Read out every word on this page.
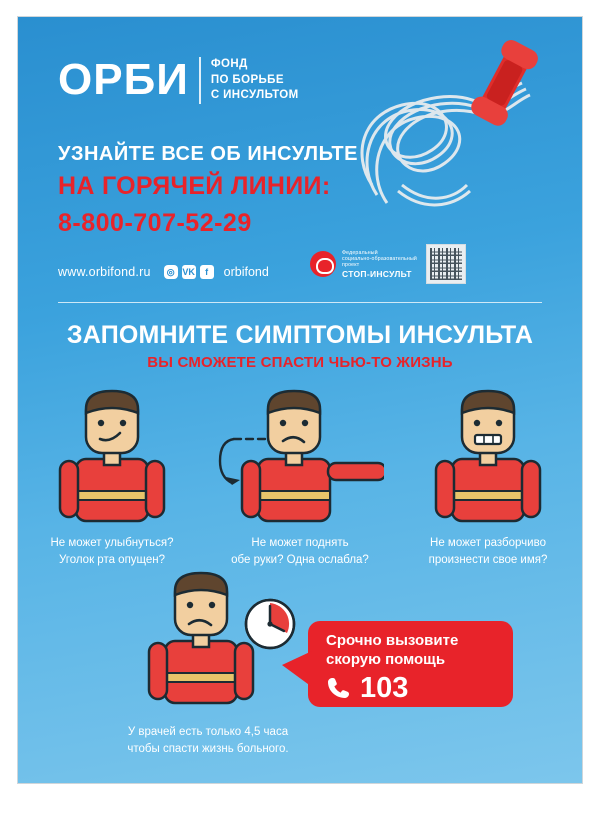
ОРБИ	ФОНД
ПО БОРЬБЕ
С ИНСУЛЬТОМ
УЗНАЙТЕ ВСЕ ОБ ИНСУЛЬТЕ
НА ГОРЯЧЕЙ ЛИНИИ:
8-800-707-52-29
www.orbifond.ru	◎ VK	f	orbifond
Федеральный
социально-образовательный
проект
СТОП-ИНСУЛЬТ
ЗАПОМНИТЕ СИМПТОМЫ ИНСУЛЬТА
ВЫ СМОЖЕТЕ СПАСТИ ЧЬЮ-ТО ЖИЗНЬ
Не может улыбнуться?
Уголок рта опущен?
Не может поднять
обе руки? Одна ослабла?
Не может разборчиво
произнести свое имя?
Срочно вызовите
скорую помощь
103
У врачей есть только 4,5 часа
чтобы спасти жизнь больного.
